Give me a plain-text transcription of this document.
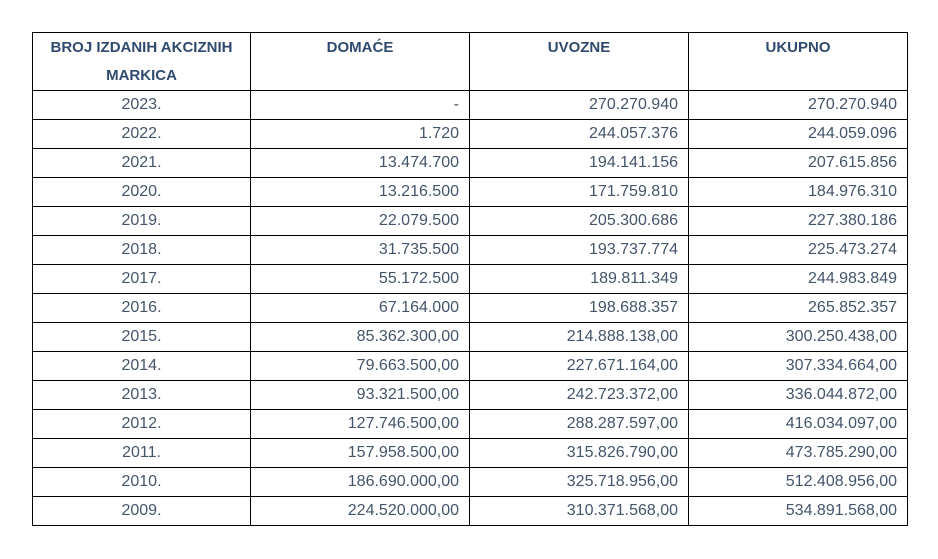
BROJ IZDANIH AKCIZNIH MARKICA	DOMAĆE	UVOZNE	UKUPNO
2023.	-	270.270.940	270.270.940
2022.	1.720	244.057.376	244.059.096
2021.	13.474.700	194.141.156	207.615.856
2020.	13.216.500	171.759.810	184.976.310
2019.	22.079.500	205.300.686	227.380.186
2018.	31.735.500	193.737.774	225.473.274
2017.	55.172.500	189.811.349	244.983.849
2016.	67.164.000	198.688.357	265.852.357
2015.	85.362.300,00	214.888.138,00	300.250.438,00
2014.	79.663.500,00	227.671.164,00	307.334.664,00
2013.	93.321.500,00	242.723.372,00	336.044.872,00
2012.	127.746.500,00	288.287.597,00	416.034.097,00
2011.	157.958.500,00	315.826.790,00	473.785.290,00
2010.	186.690.000,00	325.718.956,00	512.408.956,00
2009.	224.520.000,00	310.371.568,00	534.891.568,00
